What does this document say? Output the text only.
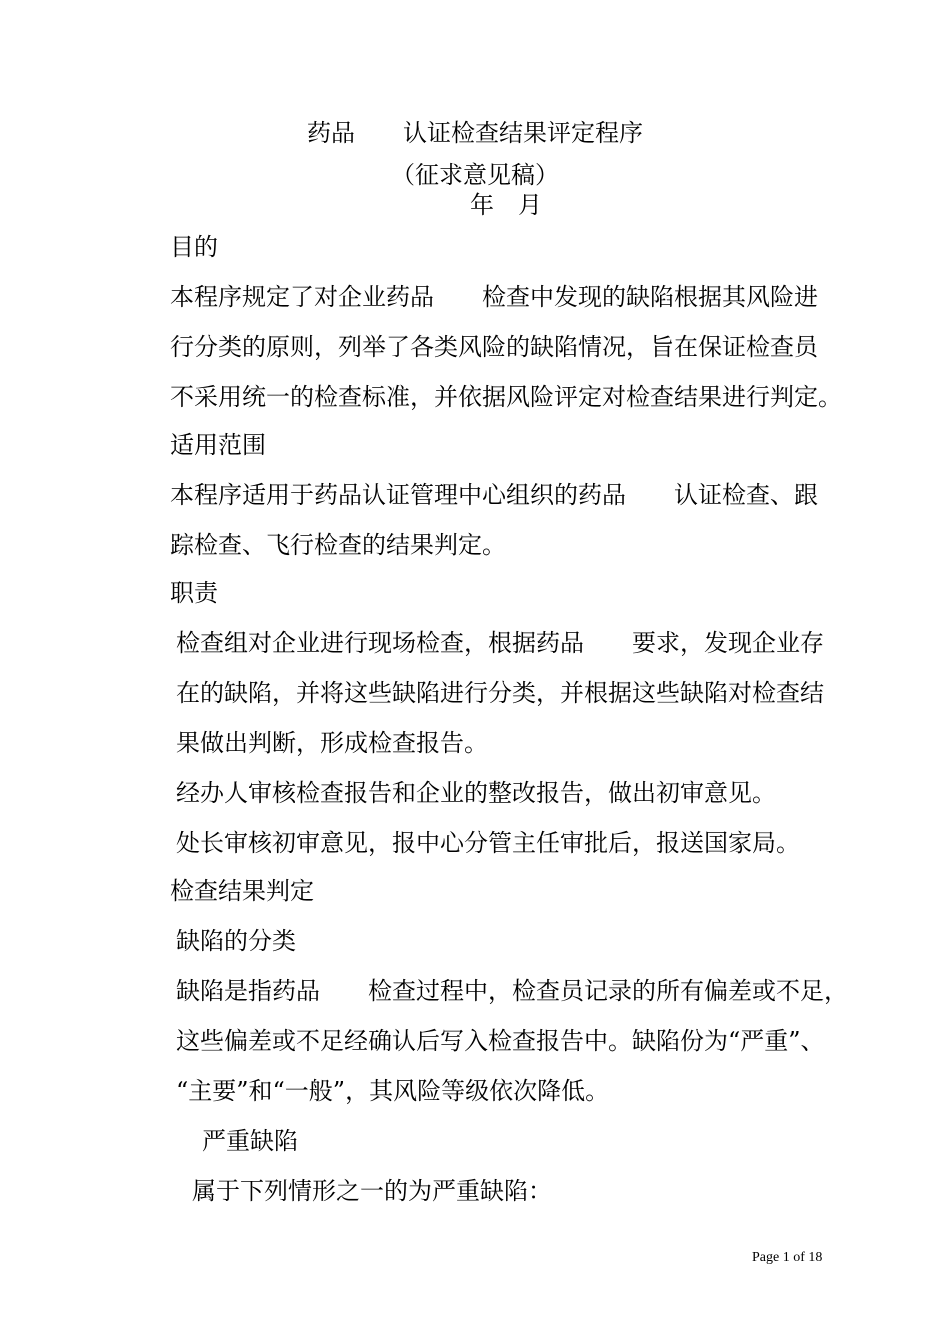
药品　　认证检查结果评定程序
（征求意见稿）
年　月
目的
本程序规定了对企业药品　　检查中发现的缺陷根据其风险进
行分类的原则，列举了各类风险的缺陷情况，旨在保证检查员
不采用统一的检查标准，并依据风险评定对检查结果进行判定。
适用范围
本程序适用于药品认证管理中心组织的药品　　认证检查、跟
踪检查、飞行检查的结果判定。
职责
检查组对企业进行现场检查，根据药品　　要求，发现企业存
在的缺陷，并将这些缺陷进行分类，并根据这些缺陷对检查结
果做出判断，形成检查报告。
经办人审核检查报告和企业的整改报告，做出初审意见。
处长审核初审意见，报中心分管主任审批后，报送国家局。
检查结果判定
缺陷的分类
缺陷是指药品　　检查过程中，检查员记录的所有偏差或不足，
这些偏差或不足经确认后写入检查报告中。缺陷份为“严重”、
“主要”和“一般”，其风险等级依次降低。
严重缺陷
属于下列情形之一的为严重缺陷：
Page 1 of 18
